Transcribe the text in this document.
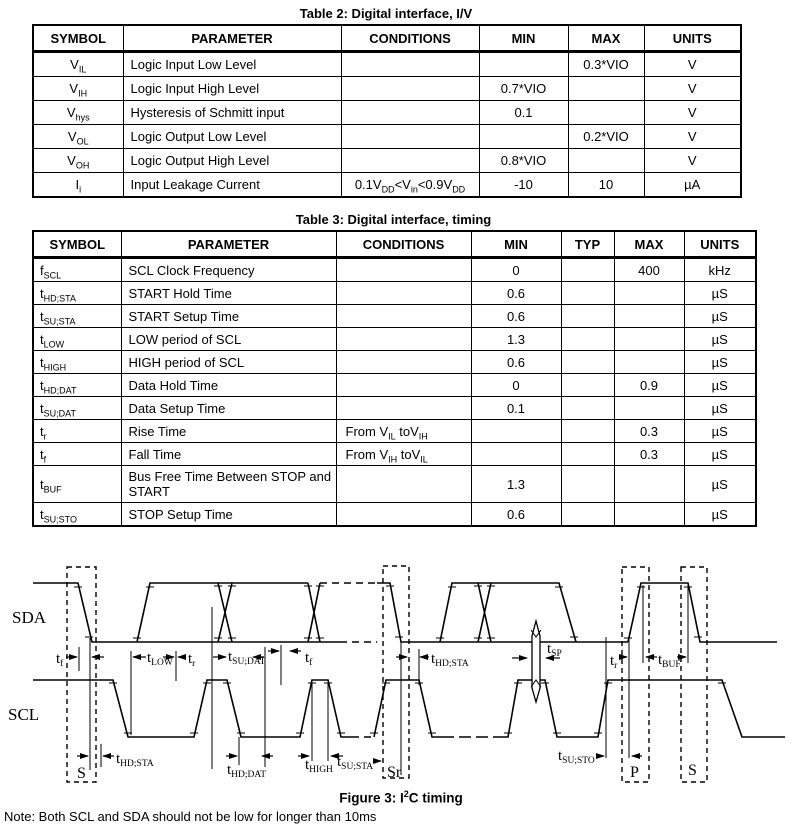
Table 2: Digital interface, I/V
SYMBOL	PARAMETER	CONDITIONS	MIN	MAX	UNITS
$V_{IL}$	Logic Input Low Level			0.3*VIO	V
$V_{IH}$	Logic Input High Level		0.7*VIO		V
$V_{hys}$	Hysteresis of Schmitt input		0.1		V
$V_{OL}$	Logic Output Low Level			0.2*VIO	V
$V_{OH}$	Logic Output High Level		0.8*VIO		V
$I_i$	Input Leakage Current	$0.1V_{DD}<V_{in}<0.9V_{DD}$	-10	10	µA
Table 3: Digital interface, timing
SYMBOL	PARAMETER	CONDITIONS	MIN	TYP	MAX	UNITS
$f_{SCL}$	SCL Clock Frequency		0		400	kHz
$t_{HD;STA}$	START Hold Time		0.6			µS
$t_{SU;STA}$	START Setup Time		0.6			µS
$t_{LOW}$	LOW period of SCL		1.3			µS
$t_{HIGH}$	HIGH period of SCL		0.6			µS
$t_{HD;DAT}$	Data Hold Time		0		0.9	µS
$t_{SU;DAT}$	Data Setup Time		0.1			µS
$t_r$	Rise Time	From $V_{IL}$ toV$_{IH}$			0.3	µS
$t_f$	Fall Time	From $V_{IH}$ toV$_{IL}$			0.3	µS
$t_{BUF}$	Bus Free Time Between STOP and START		1.3			µS
$t_{SU;STO}$	STOP Setup Time		0.6			µS
SDA
SCL
tf	tLOW tr tSU;DAT	tf	tHD;STA
tSP	tr	tBUF
tHD;STA
S	tHD;DAT
tHIGH tSU;STA Sr
tSU;STO
P	S
Figure 3: $I^2C$ timing
Note: Both SCL and SDA should not be low for longer than 10ms
